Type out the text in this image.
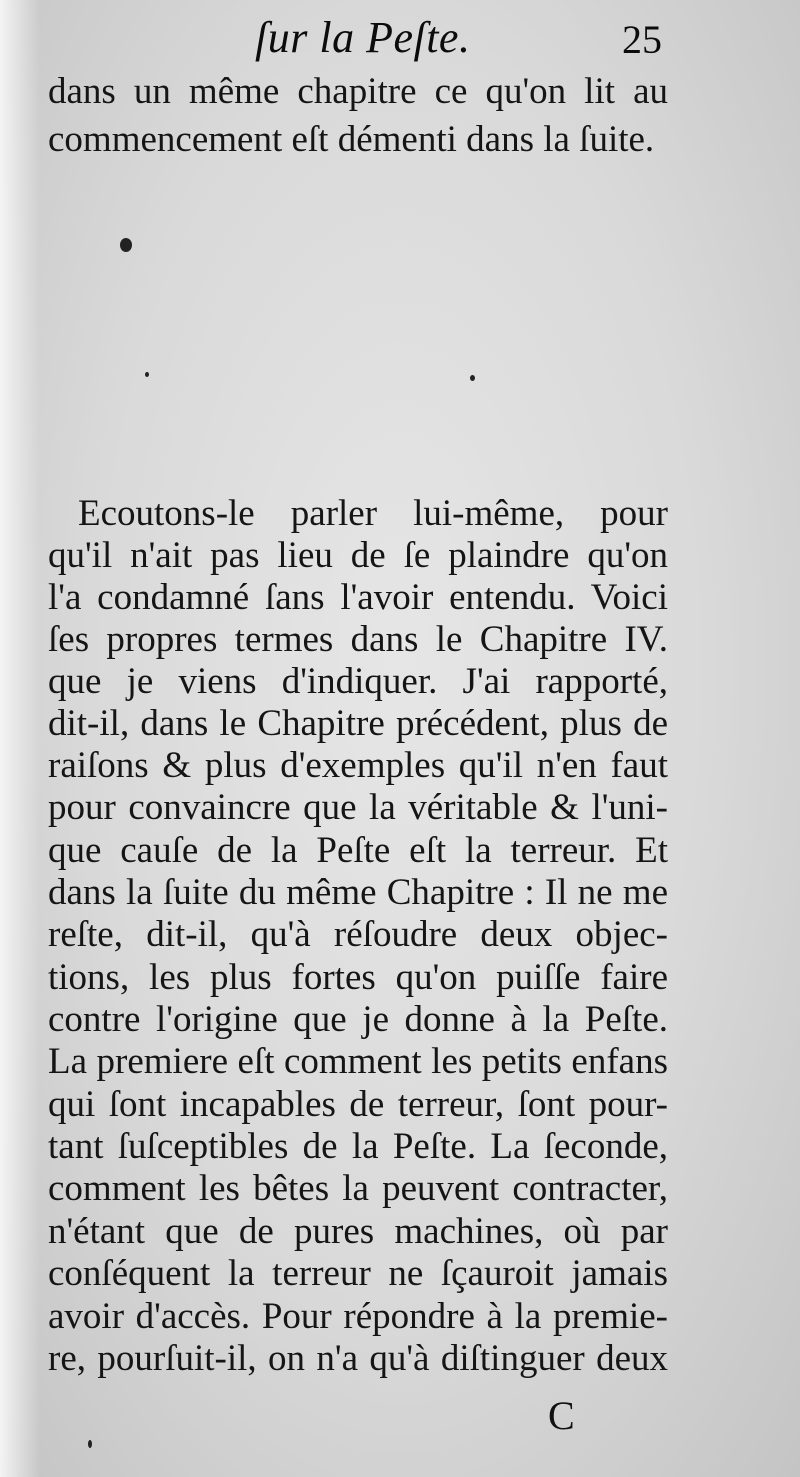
ſur la Peſte.	25
dans un même chapitre ce qu'on lit au
commencement eſt démenti dans la ſuite.
Ecoutons-le parler lui-même, pour
qu'il n'ait pas lieu de ſe plaindre qu'on
l'a condamné ſans l'avoir entendu. Voici
ſes propres termes dans le Chapitre IV.
que je viens d'indiquer. J'ai rapporté,
dit-il, dans le Chapitre précédent, plus de
raiſons & plus d'exemples qu'il n'en faut
pour convaincre que la véritable & l'uni-
que cauſe de la Peſte eſt la terreur. Et
dans la ſuite du même Chapitre : Il ne me
reſte, dit-il, qu'à réſoudre deux objec-
tions, les plus fortes qu'on puiſſe faire
contre l'origine que je donne à la Peſte.
La premiere eſt comment les petits enfans
qui ſont incapables de terreur, ſont pour-
tant ſuſceptibles de la Peſte. La ſeconde,
comment les bêtes la peuvent contracter,
n'étant que de pures machines, où par
conſéquent la terreur ne ſçauroit jamais
avoir d'accès. Pour répondre à la premie-
re, pourſuit-il, on n'a qu'à diſtinguer deux
C
